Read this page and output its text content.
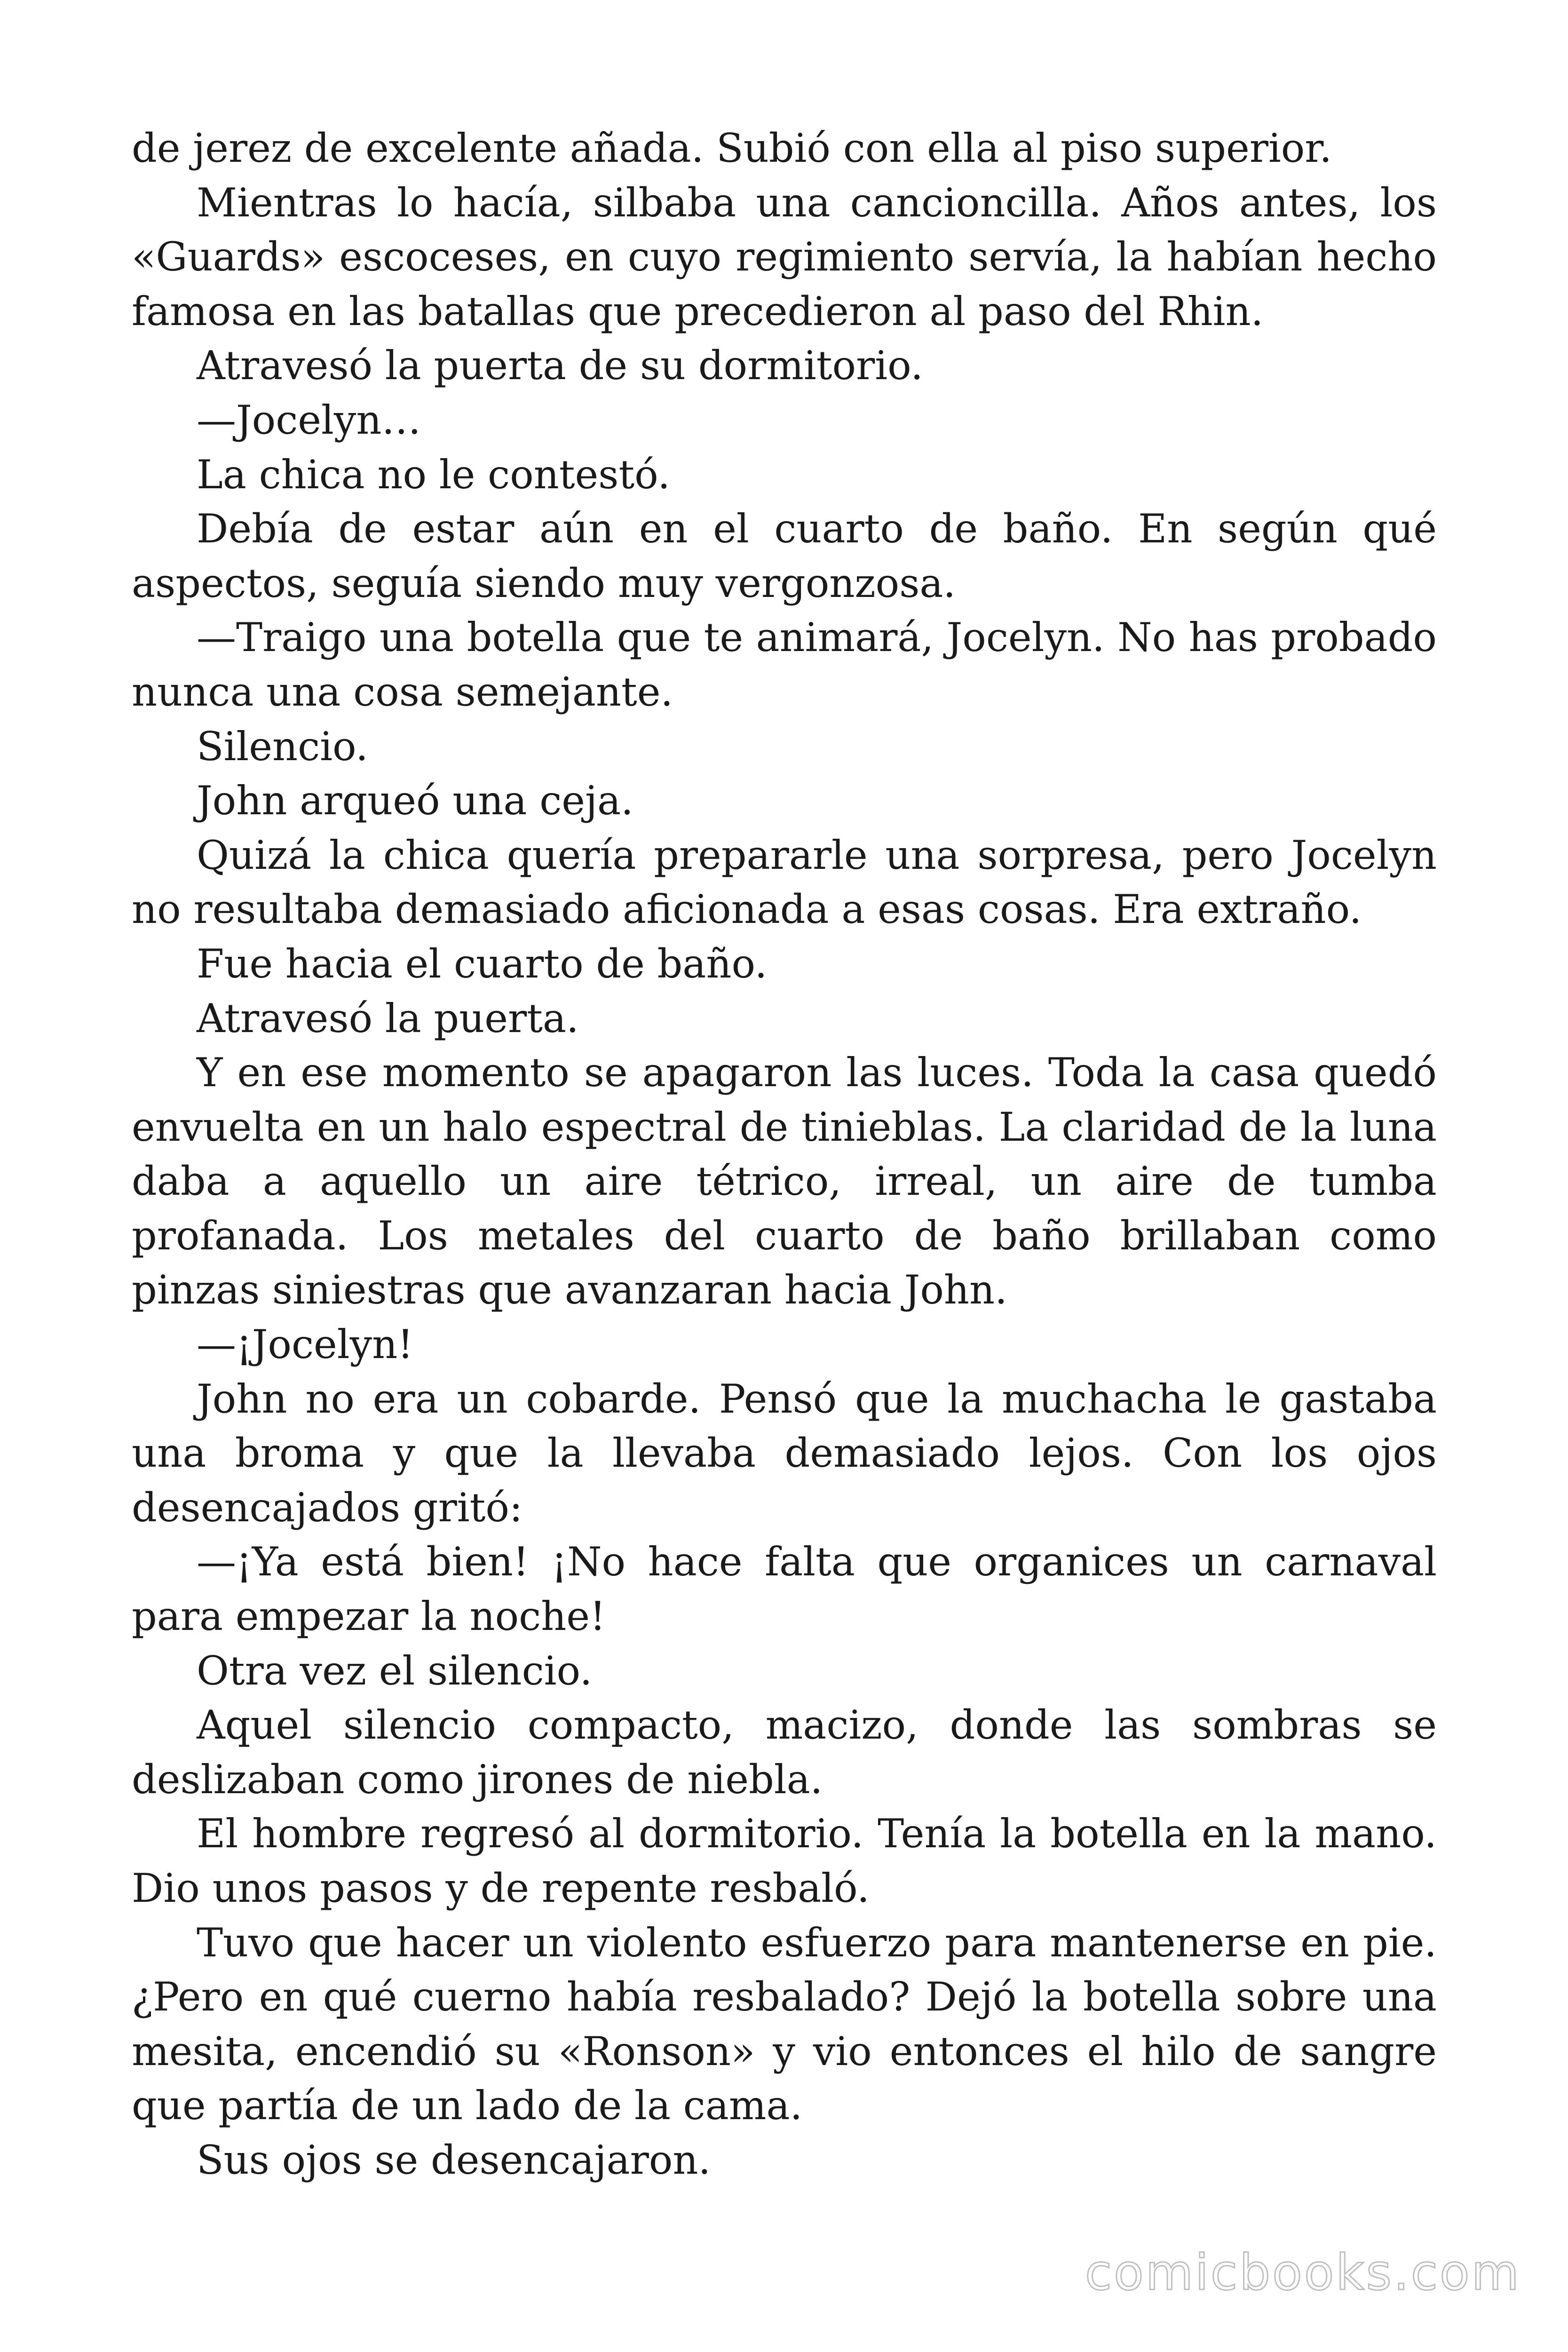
de jerez de excelente añada. Subió con ella al piso superior.

Mientras lo hacía, silbaba una cancioncilla. Años antes, los «Guards» escoceses, en cuyo regimiento servía, la habían hecho famosa en las batallas que precedieron al paso del Rhin.

Atravesó la puerta de su dormitorio.

—Jocelyn…

La chica no le contestó.

Debía de estar aún en el cuarto de baño. En según qué aspectos, seguía siendo muy vergonzosa.

—Traigo una botella que te animará, Jocelyn. No has probado nunca una cosa semejante.

Silencio.

John arqueó una ceja.

Quizá la chica quería prepararle una sorpresa, pero Jocelyn no resultaba demasiado aficionada a esas cosas. Era extraño.

Fue hacia el cuarto de baño.

Atravesó la puerta.

Y en ese momento se apagaron las luces. Toda la casa quedó envuelta en un halo espectral de tinieblas. La claridad de la luna daba a aquello un aire tétrico, irreal, un aire de tumba profanada. Los metales del cuarto de baño brillaban como pinzas siniestras que avanzaran hacia John.

—¡Jocelyn!

John no era un cobarde. Pensó que la muchacha le gastaba una broma y que la llevaba demasiado lejos. Con los ojos desencajados gritó:

—¡Ya está bien! ¡No hace falta que organices un carnaval para empezar la noche!

Otra vez el silencio.

Aquel silencio compacto, macizo, donde las sombras se deslizaban como jirones de niebla.

El hombre regresó al dormitorio. Tenía la botella en la mano. Dio unos pasos y de repente resbaló.

Tuvo que hacer un violento esfuerzo para mantenerse en pie. ¿Pero en qué cuerno había resbalado? Dejó la botella sobre una mesita, encendió su «Ronson» y vio entonces el hilo de sangre que partía de un lado de la cama.

Sus ojos se desencajaron.

comicbooks.com
